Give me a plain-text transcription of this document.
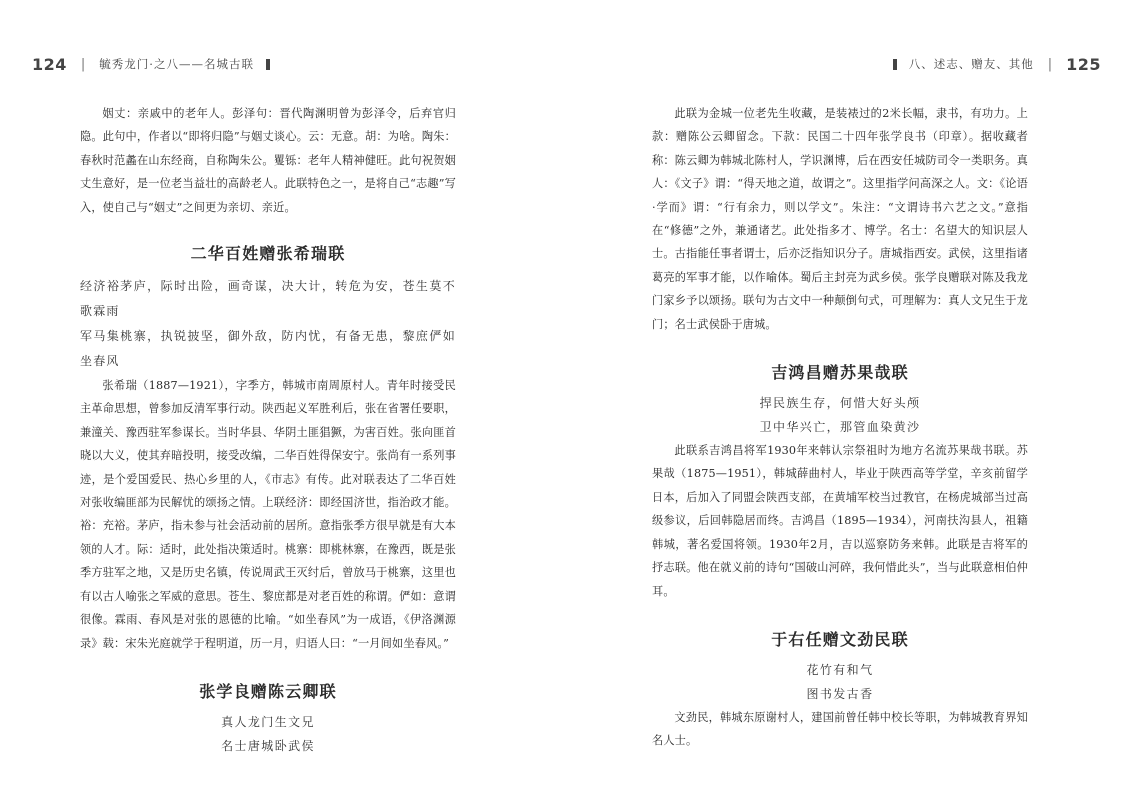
124 | 毓秀龙门·之八——名城古联

姻丈：亲戚中的老年人。彭泽句：晋代陶渊明曾为彭泽令，后弃官归隐。此句中，作者以“即将归隐”与姻丈谈心。云：无意。胡：为啥。陶朱：春秋时范蠡在山东经商，自称陶朱公。矍铄：老年人精神健旺。此句祝贺姻丈生意好，是一位老当益壮的高龄老人。此联特色之一，是将自己“志趣”写入，使自己与“姻丈”之间更为亲切、亲近。

二华百姓赠张希瑞联
经济裕茅庐，际时出险，画奇谋，决大计，转危为安，苍生莫不歌霖雨
军马集桃寨，执锐披坚，御外敌，防内忧，有备无患，黎庶俨如坐春风

张希瑞（1887—1921），字季方，韩城市南周原村人。青年时接受民主革命思想，曾参加反清军事行动。陕西起义军胜利后，张在省署任要职，兼潼关、豫西驻军参谋长。当时华县、华阴土匪猖獗，为害百姓。张向匪首晓以大义，使其弃暗投明，接受改编，二华百姓得保安宁。张尚有一系列事迹，是个爱国爱民、热心乡里的人，《市志》有传。此对联表达了二华百姓对张收编匪部为民解忧的颂扬之情。上联经济：即经国济世，指治政才能。裕：充裕。茅庐，指未参与社会活动前的居所。意指张季方很早就是有大本领的人才。际：适时，此处指决策适时。桃寨：即桃林寨，在豫西，既是张季方驻军之地，又是历史名镇，传说周武王灭纣后，曾放马于桃寨，这里也有以古人喻张之军威的意思。苍生、黎庶都是对老百姓的称谓。俨如：意谓很像。霖雨、春风是对张的恩德的比喻。“如坐春风”为一成语，《伊洛渊源录》载：宋朱光庭就学于程明道，历一月，归语人曰：“一月间如坐春风。”

张学良赠陈云卿联
真人龙门生文兄
名士唐城卧武侯
八、述志、赠友、其他 | 125

此联为金城一位老先生收藏，是装裱过的2米长幅，隶书，有功力。上款：赠陈公云卿留念。下款：民国二十四年张学良书（印章）。据收藏者称：陈云卿为韩城北陈村人，学识渊博，后在西安任城防司令一类职务。真人：《文子》谓：“得天地之道，故谓之”。这里指学问高深之人。文：《论语·学而》谓：“行有余力，则以学文”。朱注：“文谓诗书六艺之文。”意指在“修德”之外，兼通诸艺。此处指多才、博学。名士：名望大的知识层人士。古指能任事者谓士，后亦泛指知识分子。唐城指西安。武侯，这里指诸葛亮的军事才能，以作喻体。蜀后主封亮为武乡侯。张学良赠联对陈及我龙门家乡予以颂扬。联句为古文中一种颠倒句式，可理解为：真人文兄生于龙门；名士武侯卧于唐城。

吉鸿昌赠苏果哉联
捍民族生存，何惜大好头颅
卫中华兴亡，那管血染黄沙

此联系吉鸿昌将军1930年来韩认宗祭祖时为地方名流苏果哉书联。苏果哉（1875—1951），韩城薛曲村人，毕业于陕西高等学堂，辛亥前留学日本，后加入了同盟会陕西支部，在黄埔军校当过教官，在杨虎城部当过高级参议，后回韩隐居而终。吉鸿昌（1895—1934），河南扶沟县人，祖籍韩城，著名爱国将领。1930年2月，吉以巡察防务来韩。此联是吉将军的抒志联。他在就义前的诗句“国破山河碎，我何惜此头”，当与此联意相伯仲耳。

于右任赠文劲民联
花竹有和气
图书发古香

文劲民，韩城东原谢村人，建国前曾任韩中校长等职，为韩城教育界知名人士。
